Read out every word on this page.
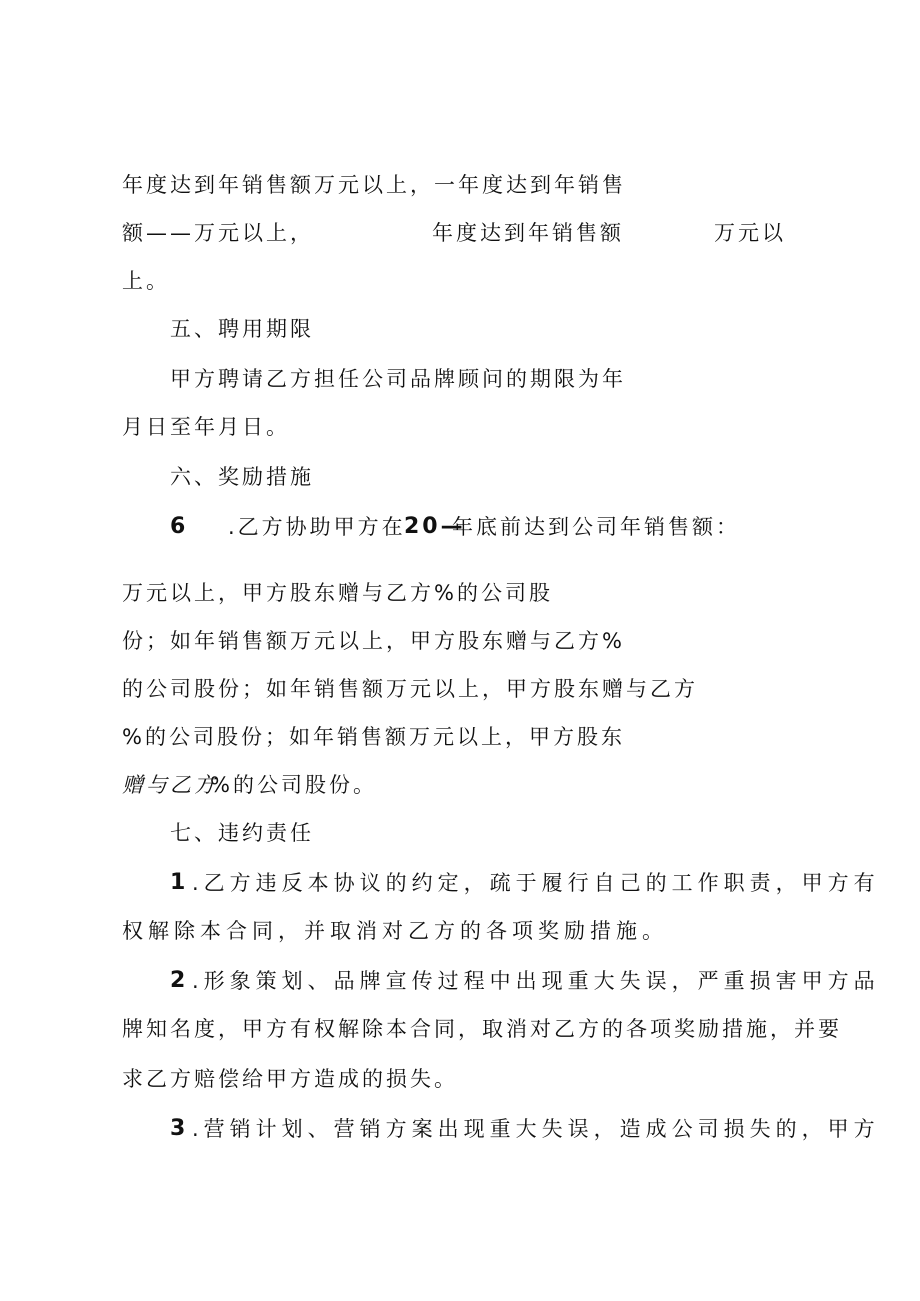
年度达到年销售额万元以上，一年度达到年销售
额——万元以上，	年度达到年销售额	万元以
上。
五、聘用期限
甲方聘请乙方担任公司品牌顾问的期限为年
月日至年月日。
六、奖励措施
6 .乙方协助甲方在
20—
年底前达到公司年销售额：
万元以上，甲方股东赠与乙方%的公司股
份；如年销售额万元以上，甲方股东赠与乙方%
的公司股份；如年销售额万元以上，甲方股东赠与乙方
%的公司股份；如年销售额万元以上，甲方股东
赠与乙方
%的公司股份。
七、违约责任
1 .乙方违反本协议的约定，疏于履行自己的工作职责，甲方有
权解除本合同，并取消对乙方的各项奖励措施。
2 .形象策划、品牌宣传过程中出现重大失误，严重损害甲方品
牌知名度，甲方有权解除本合同，取消对乙方的各项奖励措施，并要
求乙方赔偿给甲方造成的损失。
3 .营销计划、营销方案出现重大失误，造成公司损失的，甲方
